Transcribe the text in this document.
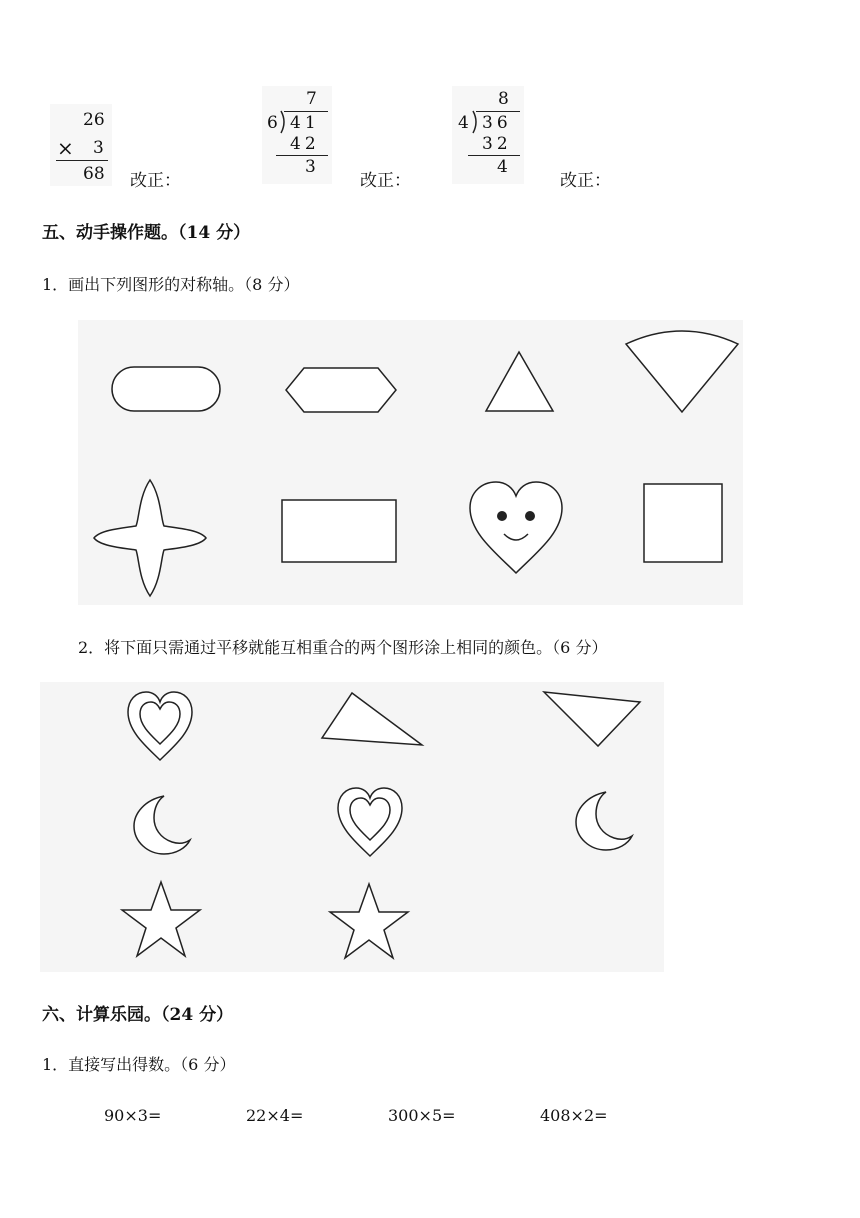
26
× 3
68 改正：
7
6 41
42
3
改正：
8
4 36
32
4
改正：
五、动手操作题。（14 分）
1．画出下列图形的对称轴。（8 分）
2．将下面只需通过平移就能互相重合的两个图形涂上相同的颜色。（6 分）
六、计算乐园。（24 分）
1．直接写出得数。（6 分）
90×3=	22×4=	300×5=	408×2=
